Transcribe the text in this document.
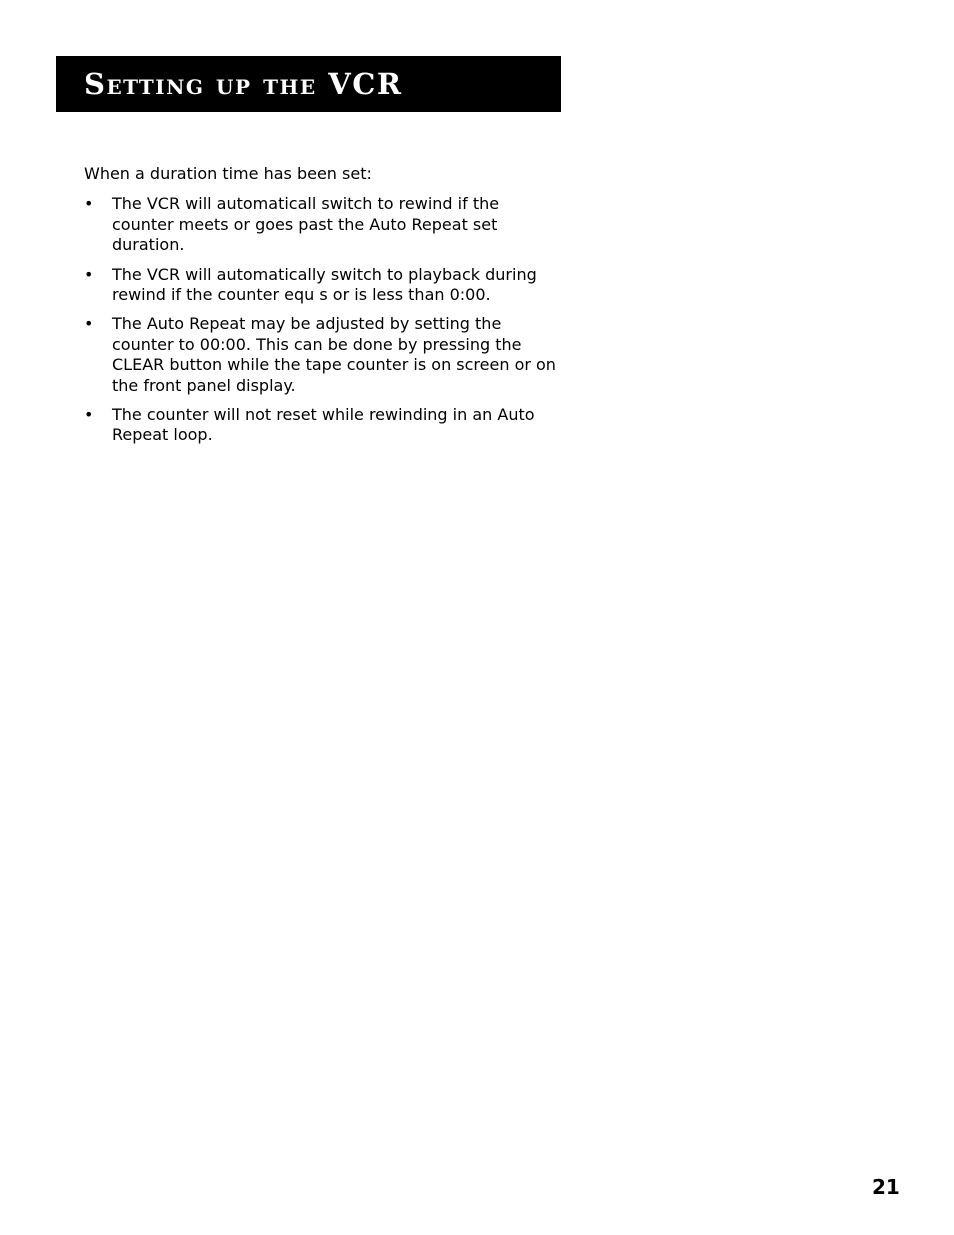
Setting up the VCR

When a duration time has been set:

• The VCR will automaticall switch to rewind if the counter meets or goes past the Auto Repeat set duration.
• The VCR will automatically switch to playback during rewind if the counter equ s or is less than 0:00.
• The Auto Repeat may be adjusted by setting the counter to 00:00. This can be done by pressing the CLEAR button while the tape counter is on screen or on the front panel display.
• The counter will not reset while rewinding in an Auto Repeat loop.
21
